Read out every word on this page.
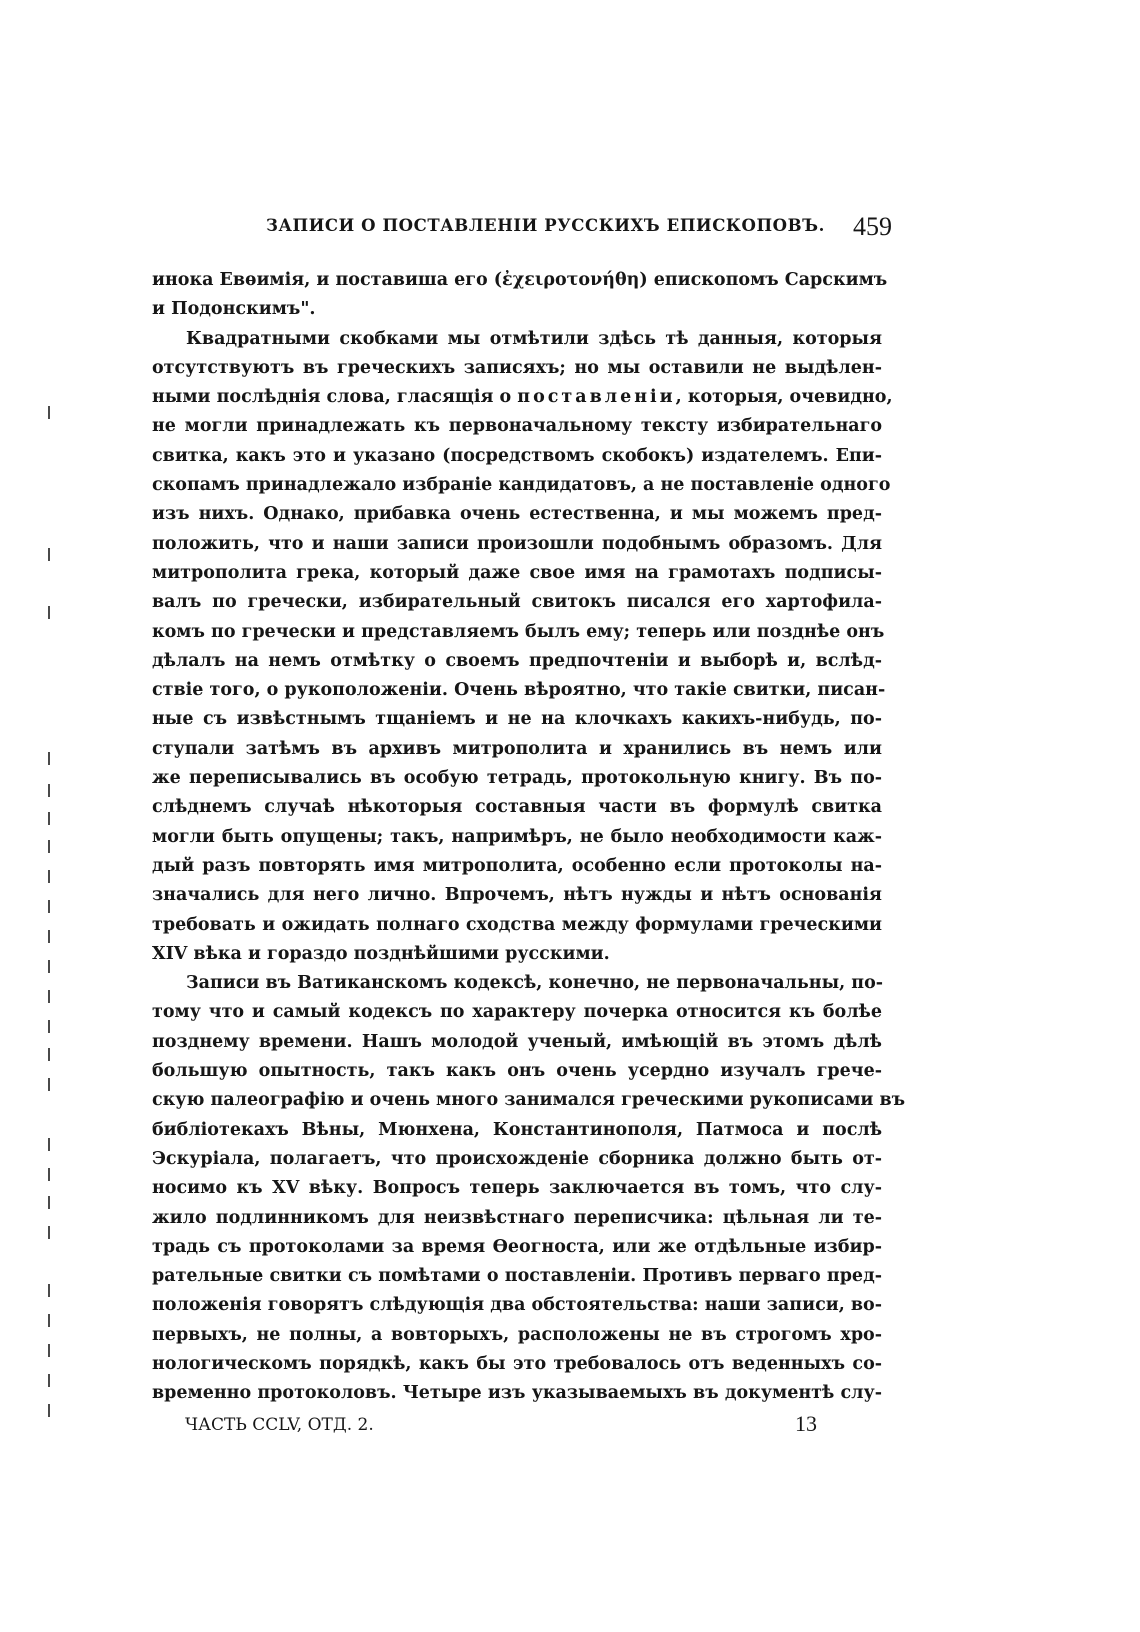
ЗАПИСИ О ПОСТАВЛЕНІИ РУССКИХЪ ЕПИСКОПОВЪ. 459
инока Евѳимія, и поставиша его (ἐχειροτονήθη) епископомъ Сарскимъ
и Подонскимъ".
Квадратными скобками мы отмѣтили здѣсь тѣ данныя, которыя
отсутствуютъ въ греческихъ записяхъ; но мы оставили не выдѣлен-
ными послѣднія слова, гласящія о поставленіи, которыя, очевидно,
не могли принадлежать къ первоначальному тексту избирательнаго
свитка, какъ это и указано (посредствомъ скобокъ) издателемъ. Епи-
скопамъ принадлежало избраніе кандидатовъ, а не поставленіе одного
изъ нихъ. Однако, прибавка очень естественна, и мы можемъ пред-
положить, что и наши записи произошли подобнымъ образомъ. Для
митрополита грека, который даже свое имя на грамотахъ подписы-
валъ по гречески, избирательный свитокъ писался его хартофила-
комъ по гречески и представляемъ былъ ему; теперь или позднѣе онъ
дѣлалъ на немъ отмѣтку о своемъ предпочтеніи и выборѣ и, вслѣд-
ствіе того, о рукоположеніи. Очень вѣроятно, что такіе свитки, писан-
ные съ извѣстнымъ тщаніемъ и не на клочкахъ какихъ-нибудь, по-
ступали затѣмъ въ архивъ митрополита и хранились въ немъ или
же переписывались въ особую тетрадь, протокольную книгу. Въ по-
слѣднемъ случаѣ нѣкоторыя составныя части въ формулѣ свитка
могли быть опущены; такъ, напримѣръ, не было необходимости каж-
дый разъ повторять имя митрополита, особенно если протоколы на-
значались для него лично. Впрочемъ, нѣтъ нужды и нѣтъ основанія
требовать и ожидать полнаго сходства между формулами греческими
XIV вѣка и гораздо позднѣйшими русскими.
Записи въ Ватиканскомъ кодексѣ, конечно, не первоначальны, по-
тому что и самый кодексъ по характеру почерка относится къ болѣе
позднему времени. Нашъ молодой ученый, имѣющій въ этомъ дѣлѣ
большую опытность, такъ какъ онъ очень усердно изучалъ грече-
скую палеографію и очень много занимался греческими рукописами въ
библіотекахъ Вѣны, Мюнхена, Константинополя, Патмоса и послѣ
Эскуріала, полагаетъ, что происхожденіе сборника должно быть от-
носимо къ XV вѣку. Вопросъ теперь заключается въ томъ, что слу-
жило подлинникомъ для неизвѣстнаго переписчика: цѣльная ли те-
традь съ протоколами за время Ѳеогноста, или же отдѣльные избир-
рательные свитки съ помѣтами о поставленіи. Противъ перваго пред-
положенія говорятъ слѣдующія два обстоятельства: наши записи, во-
первыхъ, не полны, а вовторыхъ, расположены не въ строгомъ хро-
нологическомъ порядкѣ, какъ бы это требовалось отъ веденныхъ со-
временно протоколовъ. Четыре изъ указываемыхъ въ документѣ слу-
ЧАСТЬ CCLV, ОТД. 2.	13
